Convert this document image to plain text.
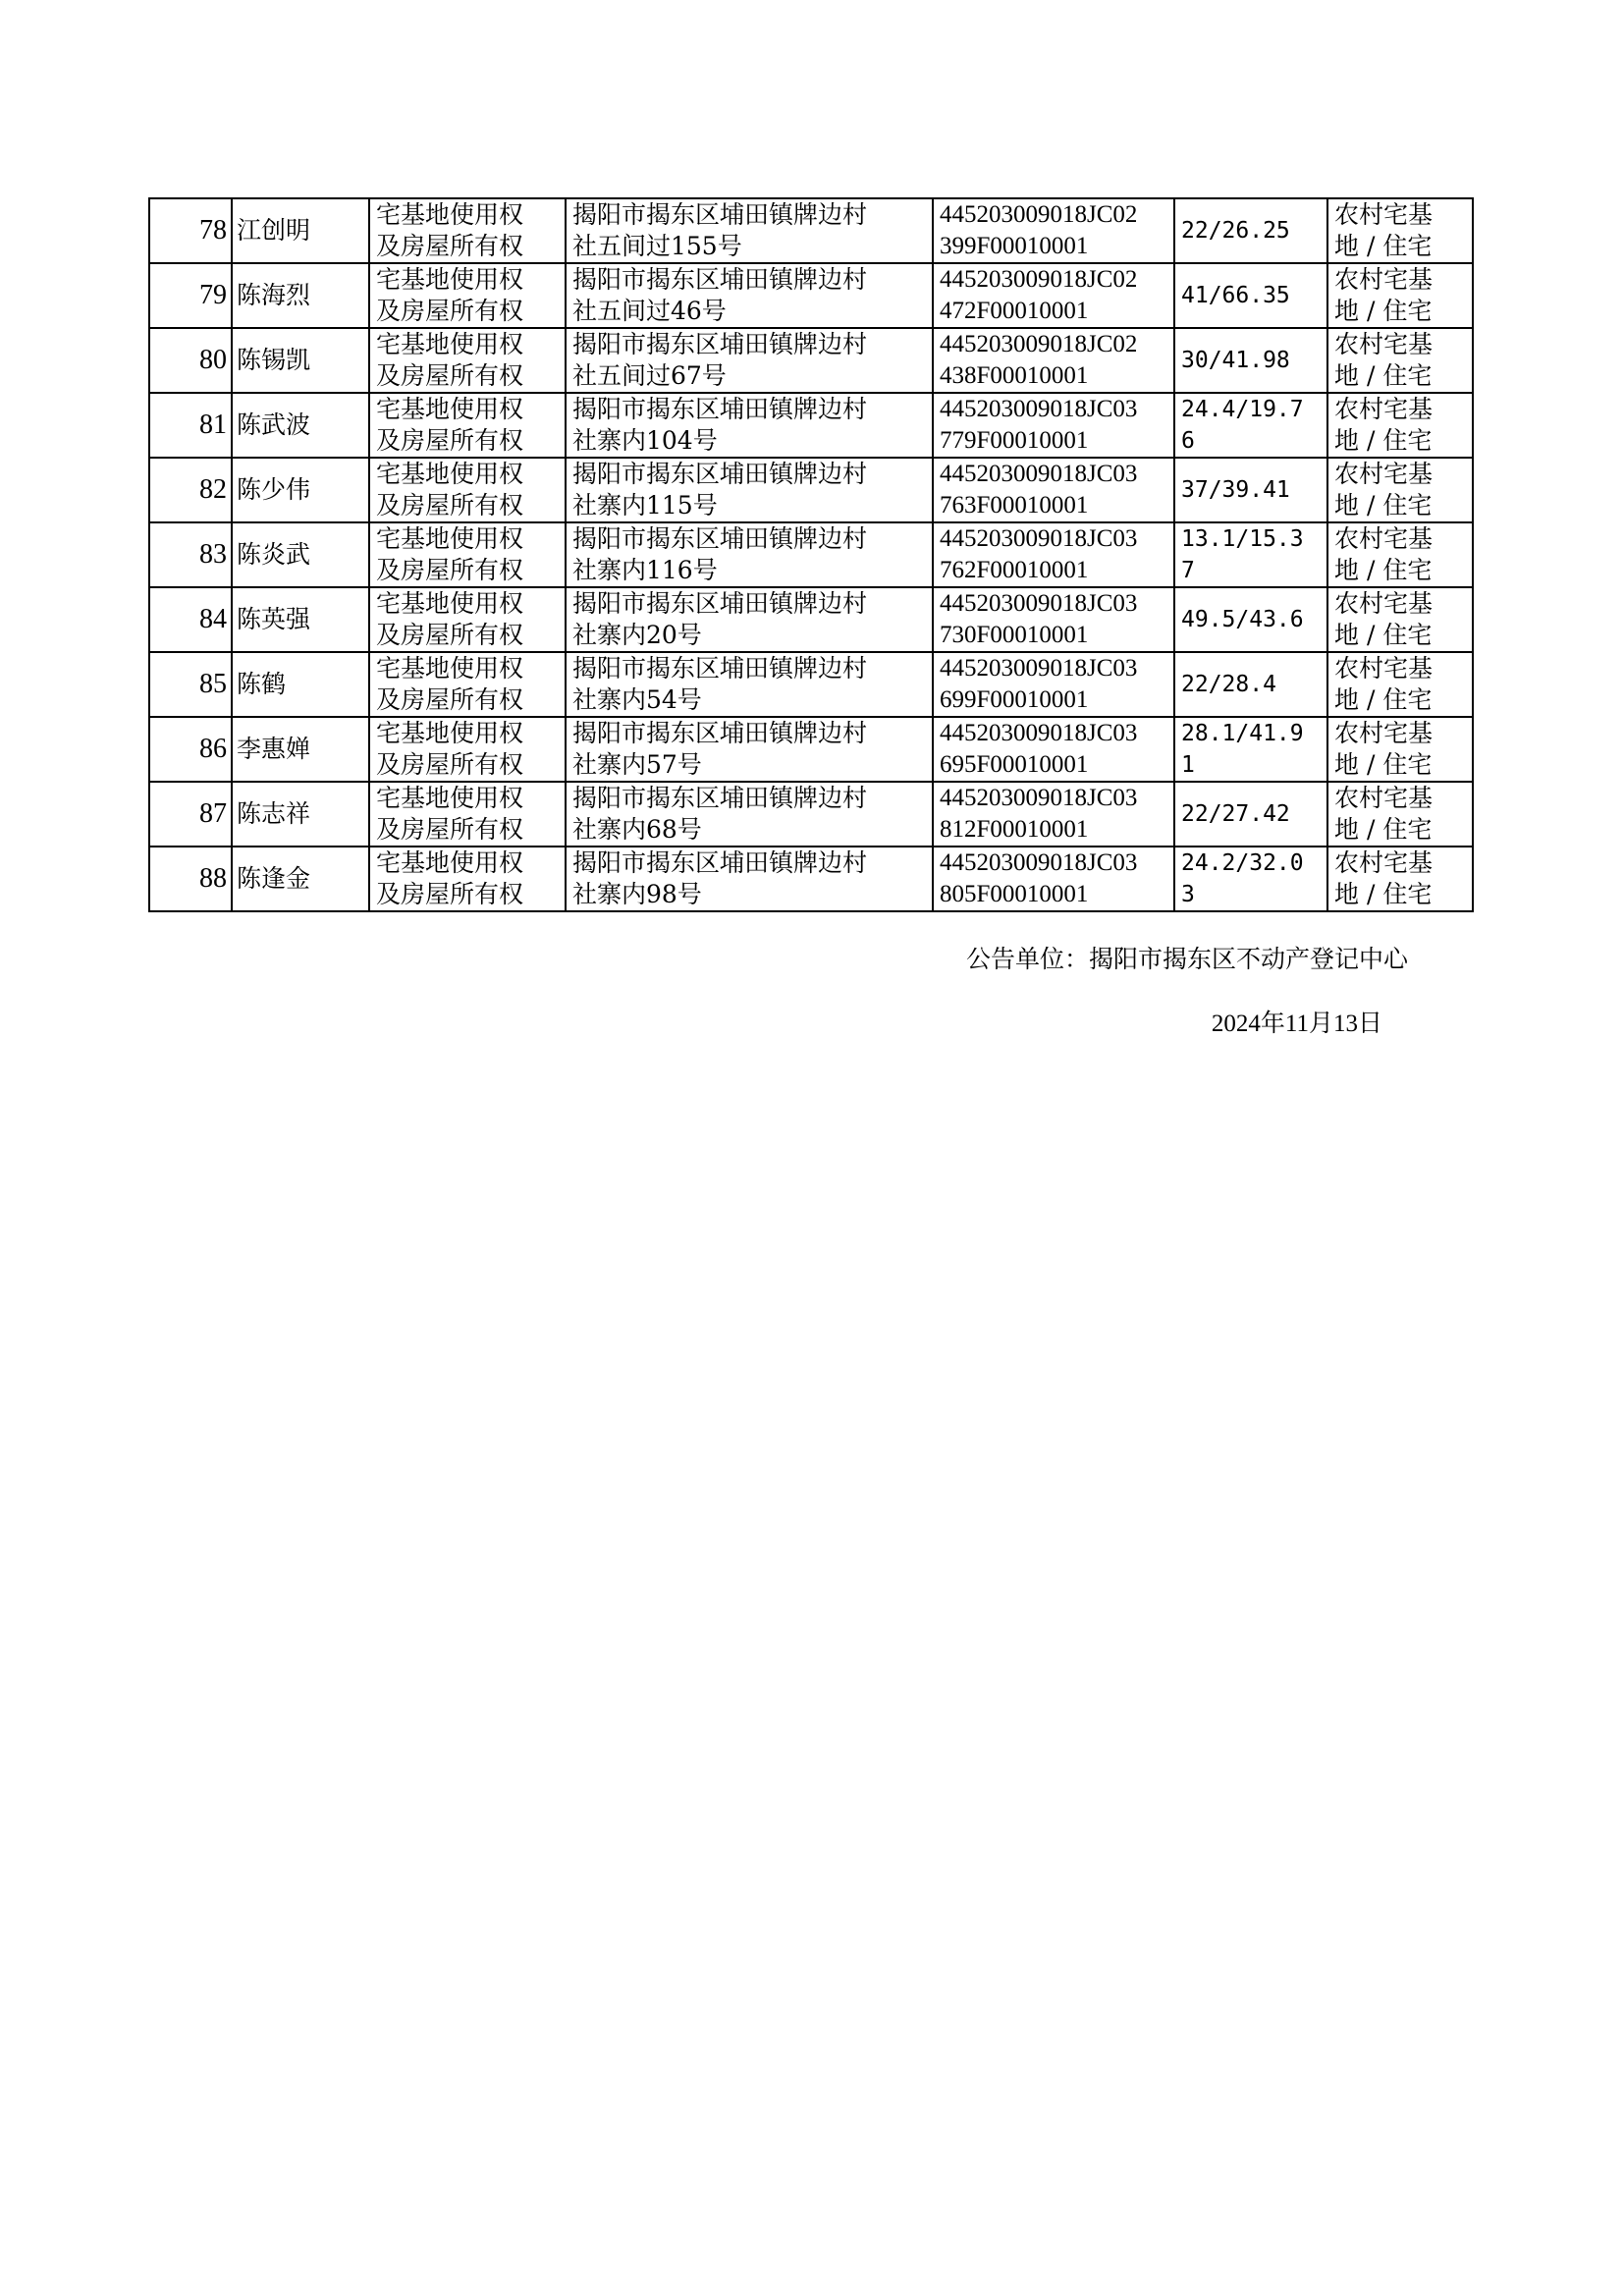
78	江创明	宅基地使用权
及房屋所有权	揭阳市揭东区埔田镇牌边村
社五间过155号	445203009018JC02
399F00010001	22/26.25	农村宅基
地 / 住宅

79	陈海烈	宅基地使用权
及房屋所有权	揭阳市揭东区埔田镇牌边村
社五间过46号	445203009018JC02
472F00010001	41/66.35	农村宅基
地 / 住宅

80	陈锡凯	宅基地使用权
及房屋所有权	揭阳市揭东区埔田镇牌边村
社五间过67号	445203009018JC02
438F00010001	30/41.98	农村宅基
地 / 住宅

81	陈武波	宅基地使用权
及房屋所有权	揭阳市揭东区埔田镇牌边村
社寨内104号	445203009018JC03
779F00010001	24.4/19.7
6	农村宅基
地 / 住宅

82	陈少伟	宅基地使用权
及房屋所有权	揭阳市揭东区埔田镇牌边村
社寨内115号	445203009018JC03
763F00010001	37/39.41	农村宅基
地 / 住宅

83	陈炎武	宅基地使用权
及房屋所有权	揭阳市揭东区埔田镇牌边村
社寨内116号	445203009018JC03
762F00010001	13.1/15.3
7	农村宅基
地 / 住宅

84	陈英强	宅基地使用权
及房屋所有权	揭阳市揭东区埔田镇牌边村
社寨内20号	445203009018JC03
730F00010001	49.5/43.6	农村宅基
地 / 住宅

85	陈鹤	宅基地使用权
及房屋所有权	揭阳市揭东区埔田镇牌边村
社寨内54号	445203009018JC03
699F00010001	22/28.4	农村宅基
地 / 住宅

86	李惠婵	宅基地使用权
及房屋所有权	揭阳市揭东区埔田镇牌边村
社寨内57号	445203009018JC03
695F00010001	28.1/41.9
1	农村宅基
地 / 住宅

87	陈志祥	宅基地使用权
及房屋所有权	揭阳市揭东区埔田镇牌边村
社寨内68号	445203009018JC03
812F00010001	22/27.42	农村宅基
地 / 住宅

88	陈逢金	宅基地使用权
及房屋所有权	揭阳市揭东区埔田镇牌边村
社寨内98号	445203009018JC03
805F00010001	24.2/32.0
3	农村宅基
地 / 住宅
公告单位：揭阳市揭东区不动产登记中心
2024年11月13日
